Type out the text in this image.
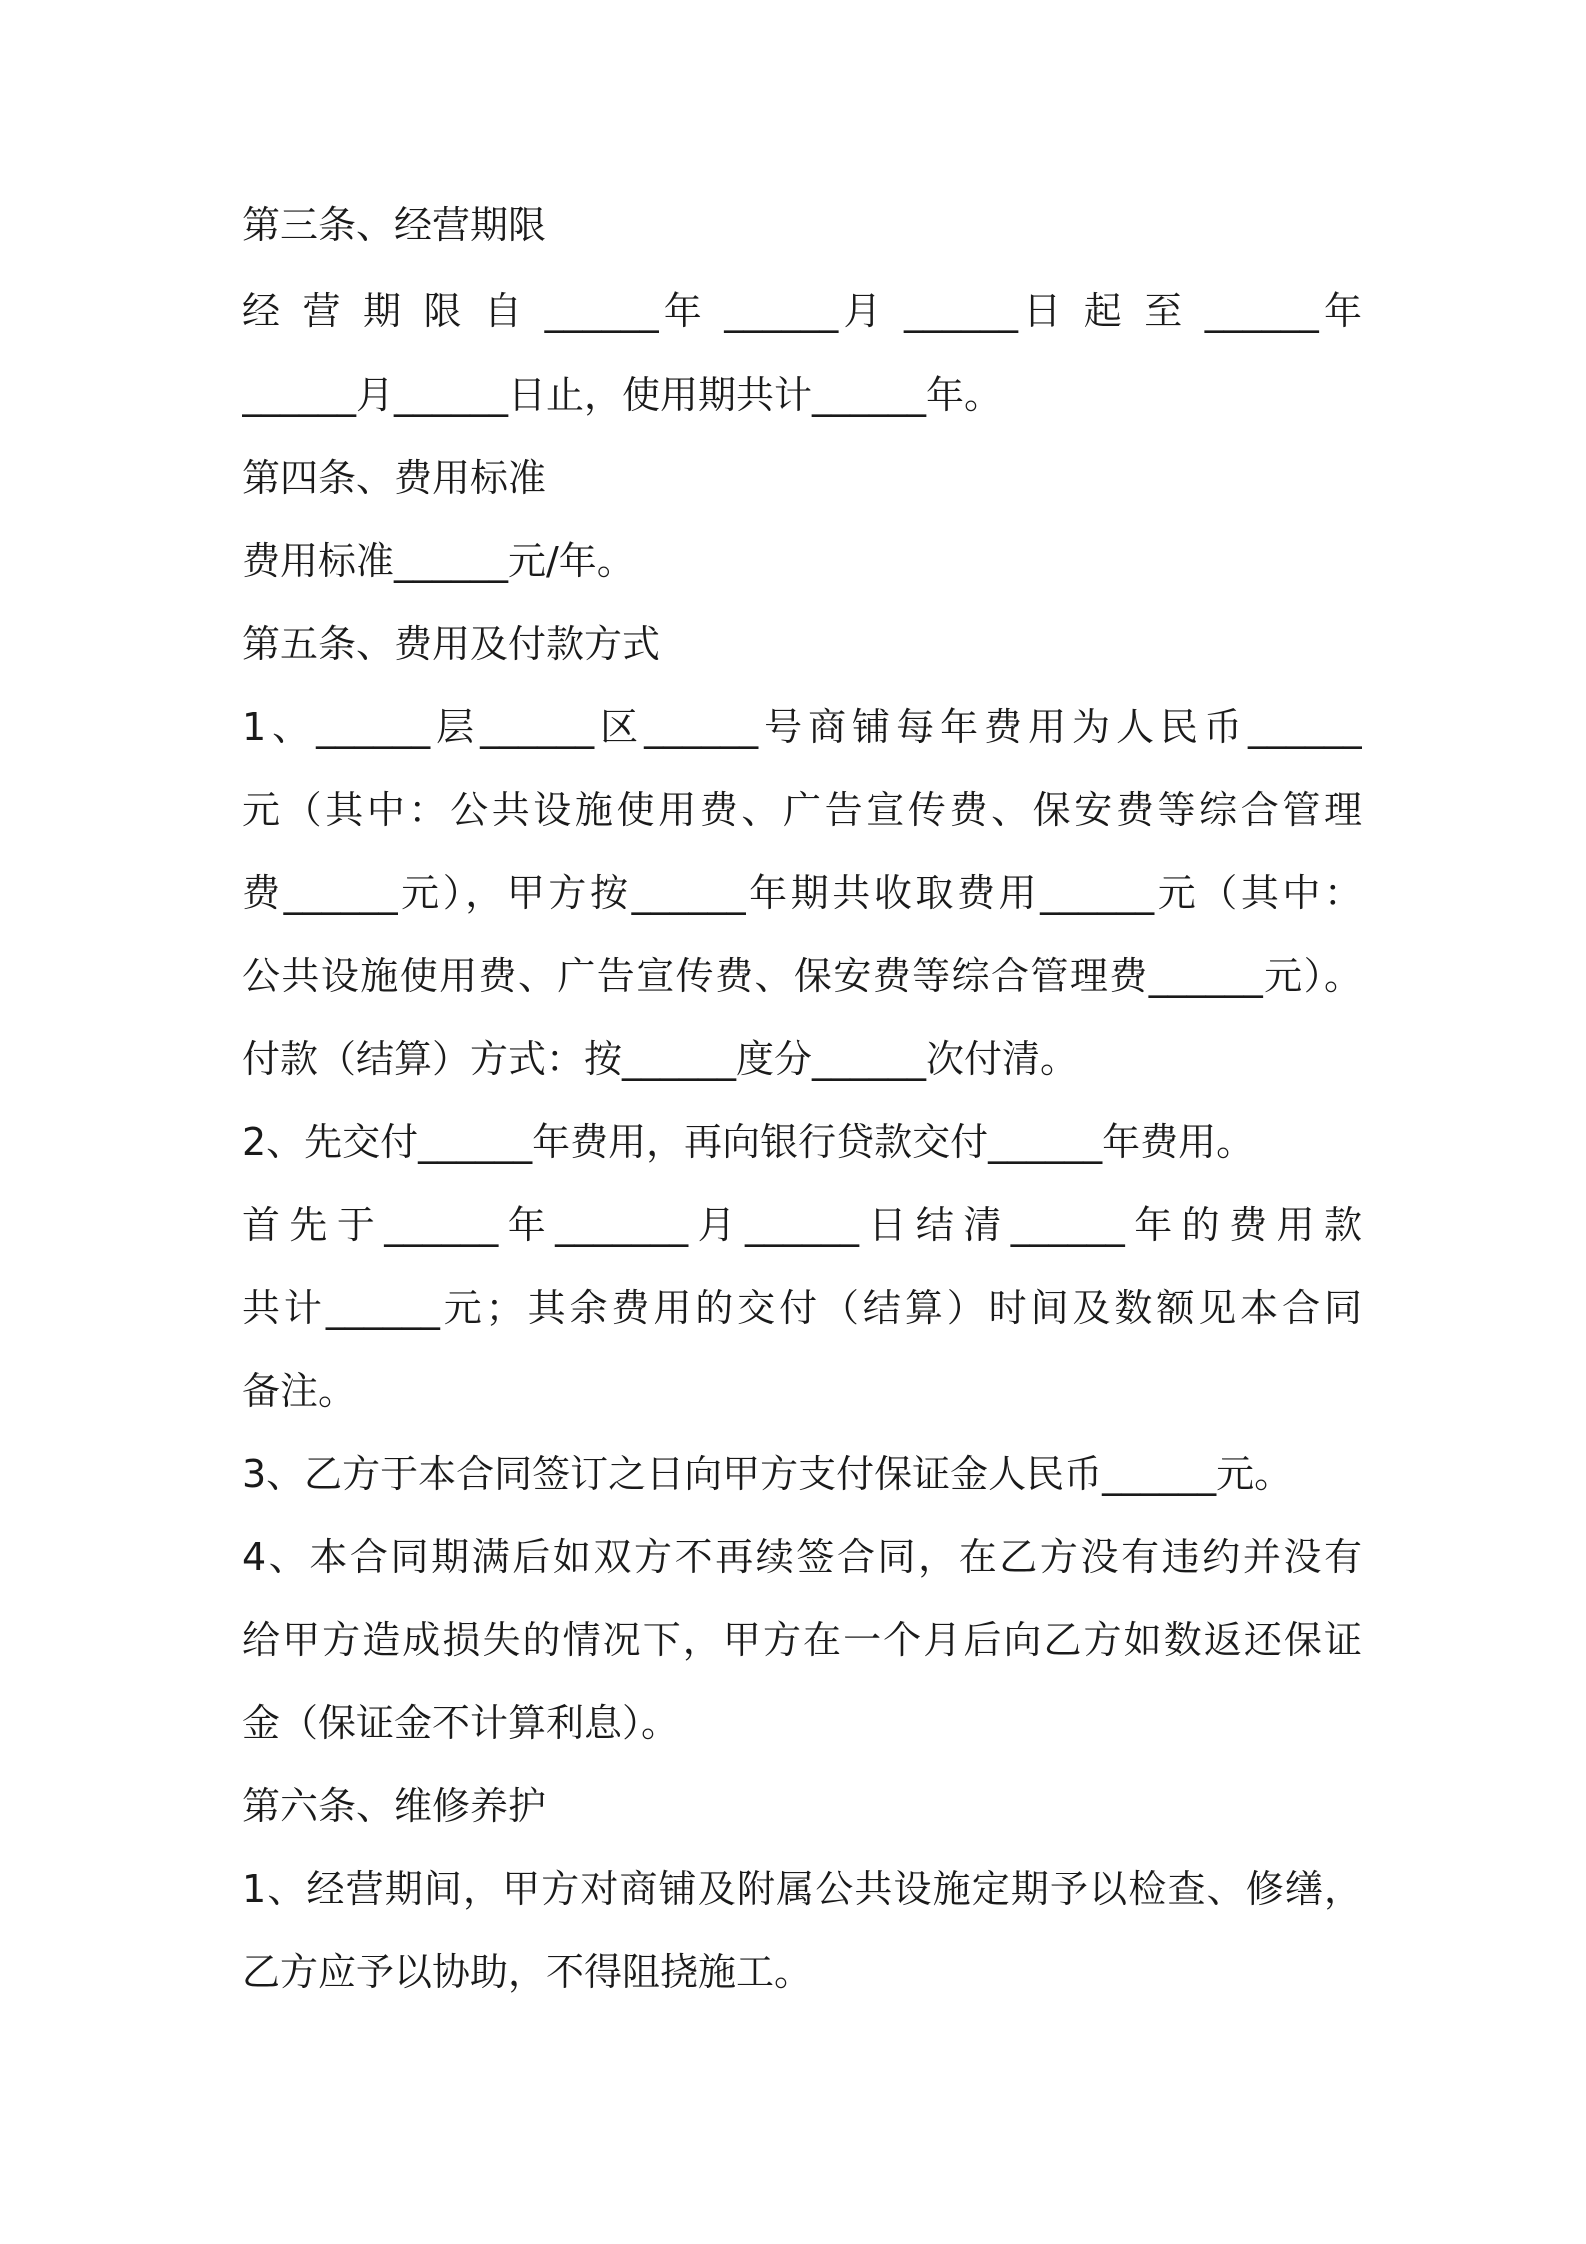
第三条、经营期限
经 营 期 限 自 ______年 ______月 ______日 起 至 ______年
______月______日止，使用期共计______年。
第四条、费用标准
费用标准______元/年。
第五条、费用及付款方式
1、______层______区______号商铺每年费用为人民币______
元（其中：公共设施使用费、广告宣传费、保安费等综合管理
费______元），甲方按______年期共收取费用______元（其中：
公共设施使用费、广告宣传费、保安费等综合管理费______元）。
付款（结算）方式：按______度分______次付清。
2、先交付______年费用，再向银行贷款交付______年费用。
首先于______年_______月______日结清______年的费用款
共计______元；其余费用的交付（结算）时间及数额见本合同
备注。
3、乙方于本合同签订之日向甲方支付保证金人民币______元。
4、本合同期满后如双方不再续签合同，在乙方没有违约并没有
给甲方造成损失的情况下，甲方在一个月后向乙方如数返还保证
金（保证金不计算利息）。
第六条、维修养护
1、经营期间，甲方对商铺及附属公共设施定期予以检查、修缮，
乙方应予以协助，不得阻挠施工。
